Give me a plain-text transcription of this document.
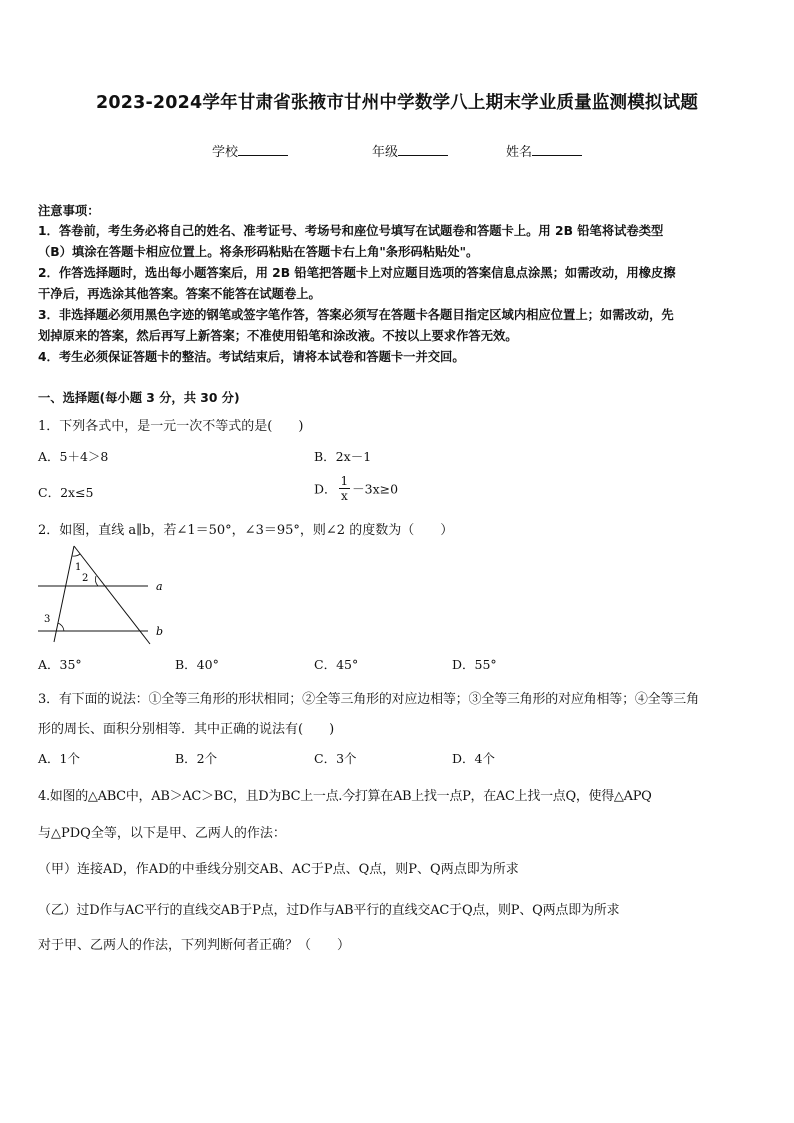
2023-2024学年甘肃省张掖市甘州中学数学八上期末学业质量监测模拟试题
学校	年级	姓名
注意事项：
1．答卷前，考生务必将自己的姓名、准考证号、考场号和座位号填写在试题卷和答题卡上。用 2B 铅笔将试卷类型
（B）填涂在答题卡相应位置上。将条形码粘贴在答题卡右上角"条形码粘贴处"。
2．作答选择题时，选出每小题答案后，用 2B 铅笔把答题卡上对应题目选项的答案信息点涂黑；如需改动，用橡皮擦
干净后，再选涂其他答案。答案不能答在试题卷上。
3．非选择题必须用黑色字迹的钢笔或签字笔作答，答案必须写在答题卡各题目指定区域内相应位置上；如需改动，先
划掉原来的答案，然后再写上新答案；不准使用铅笔和涂改液。不按以上要求作答无效。
4．考生必须保证答题卡的整洁。考试结束后，请将本试卷和答题卡一并交回。
一、选择题(每小题 3 分，共 30 分)
1．下列各式中，是一元一次不等式的是(　　)
A．5＋4＞8	B．2x－1
C．2x≤5	D． $\frac{1}{x} -3x\ge 0$
2．如图，直线 a∥b，若∠1＝50°，∠3＝95°，则∠2 的度数为（　　）
1
2
3
a
b
A．35°	B．40°	C．45°	D．55°
3．有下面的说法：①全等三角形的形状相同；②全等三角形的对应边相等；③全等三角形的对应角相等；④全等三角
形的周长、面积分别相等．其中正确的说法有(　　)
A．1个	B．2个	C．3个	D．4个
4.如图的△ABC中，AB＞AC＞BC，且D为BC上一点.今打算在AB上找一点P，在AC上找一点Q，使得△APQ
与△PDQ全等，以下是甲、乙两人的作法：
（甲）连接AD，作AD的中垂线分别交AB、AC于P点、Q点，则P、Q两点即为所求
（乙）过D作与AC平行的直线交AB于P点，过D作与AB平行的直线交AC于Q点，则P、Q两点即为所求
对于甲、乙两人的作法，下列判断何者正确？（　　）
